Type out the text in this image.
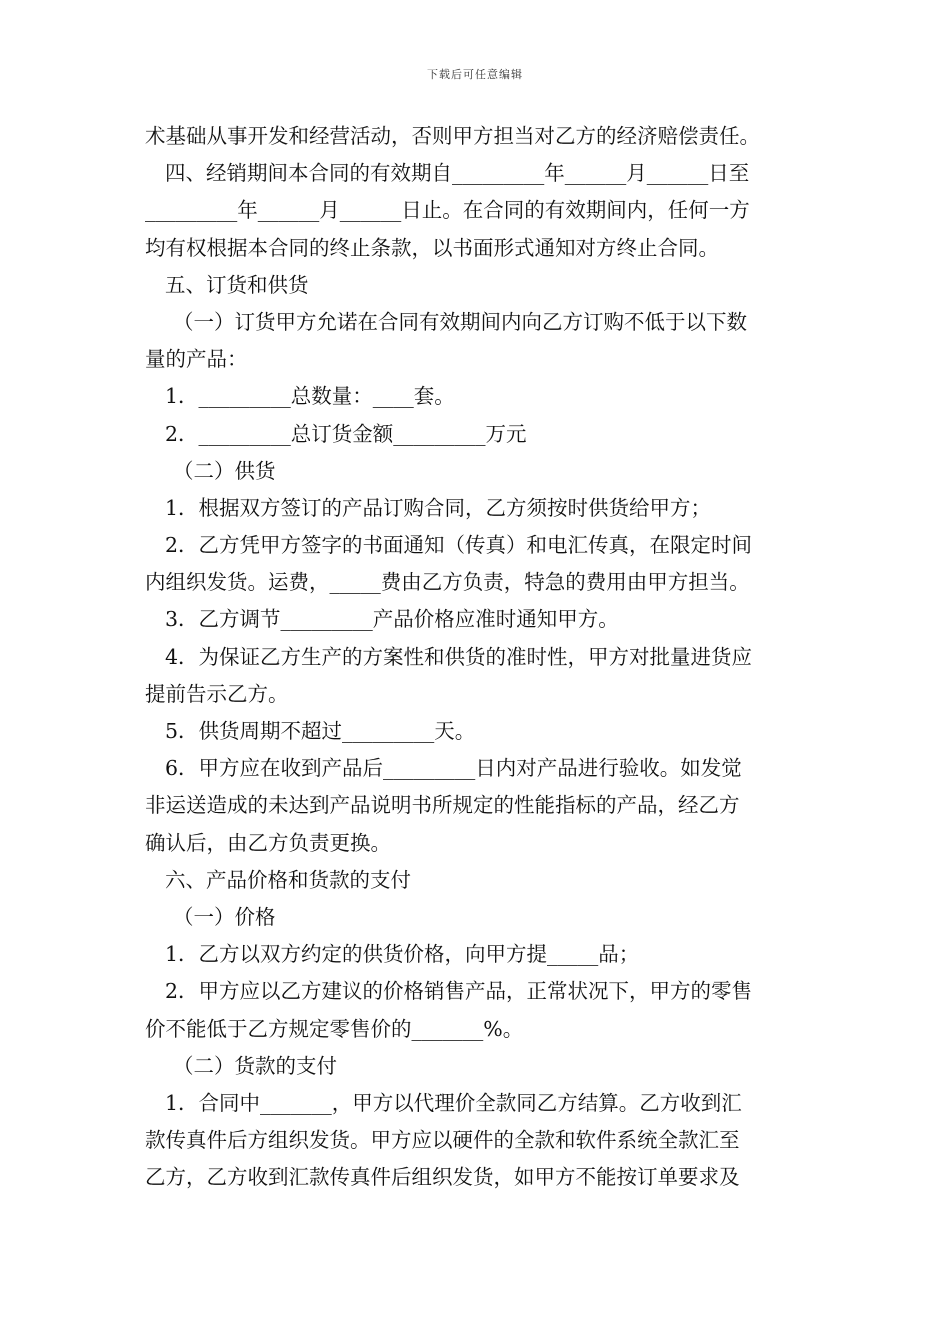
下载后可任意编辑
术基础从事开发和经营活动，否则甲方担当对乙方的经济赔偿责任。
四、经销期间本合同的有效期自_________年______月______日至
_________年______月______日止。在合同的有效期间内，任何一方
均有权根据本合同的终止条款，以书面形式通知对方终止合同。
五、订货和供货
（一）订货甲方允诺在合同有效期间内向乙方订购不低于以下数
量的产品：
1．_________总数量：____套。
2．_________总订货金额_________万元
（二）供货
1．根据双方签订的产品订购合同，乙方须按时供货给甲方；
2．乙方凭甲方签字的书面通知（传真）和电汇传真，在限定时间
内组织发货。运费，_____费由乙方负责，特急的费用由甲方担当。
3．乙方调节_________产品价格应准时通知甲方。
4．为保证乙方生产的方案性和供货的准时性，甲方对批量进货应
提前告示乙方。
5．供货周期不超过_________天。
6．甲方应在收到产品后_________日内对产品进行验收。如发觉
非运送造成的未达到产品说明书所规定的性能指标的产品，经乙方
确认后，由乙方负责更换。
六、产品价格和货款的支付
（一）价格
1．乙方以双方约定的供货价格，向甲方提_____品；
2．甲方应以乙方建议的价格销售产品，正常状况下，甲方的零售
价不能低于乙方规定零售价的_______%。
（二）货款的支付
1．合同中_______，甲方以代理价全款同乙方结算。乙方收到汇
款传真件后方组织发货。甲方应以硬件的全款和软件系统全款汇至
乙方，乙方收到汇款传真件后组织发货，如甲方不能按订单要求及
